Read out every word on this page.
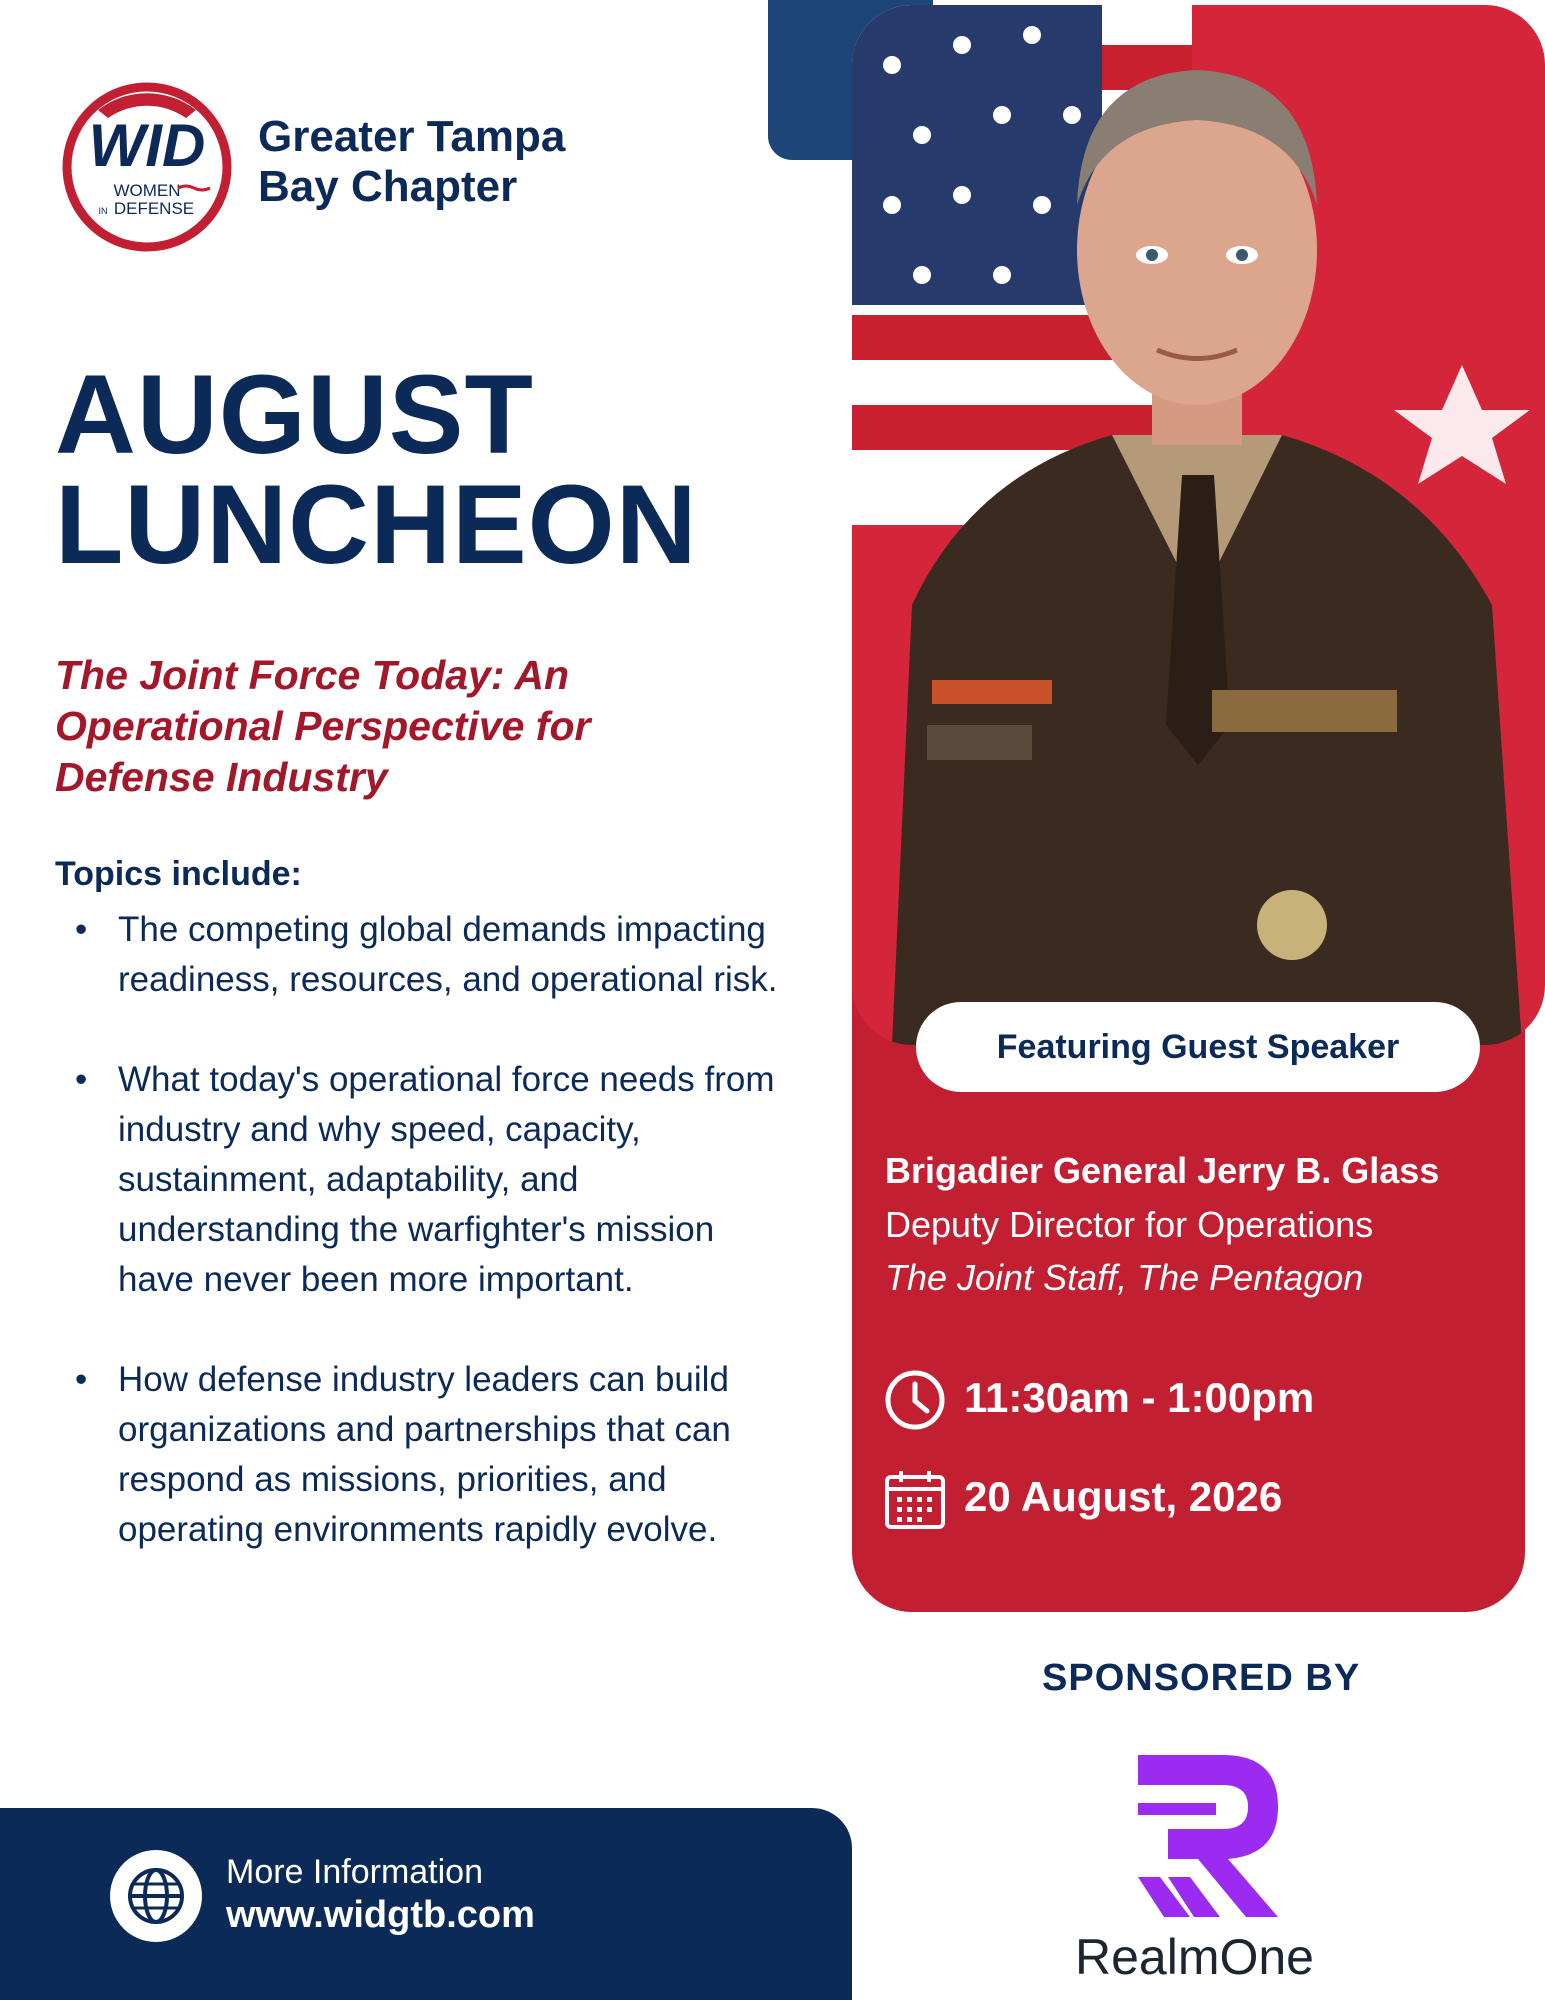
WID
WOMEN
IN DEFENSE
Greater Tampa
Bay Chapter
AUGUST
LUNCHEON
The Joint Force Today: An Operational Perspective for Defense Industry
Topics include:
• The competing global demands impacting readiness, resources, and operational risk.
• What today's operational force needs from industry and why speed, capacity, sustainment, adaptability, and understanding the warfighter's mission have never been more important.
• How defense industry leaders can build organizations and partnerships that can respond as missions, priorities, and operating environments rapidly evolve.
More Information
www.widgtb.com
Featuring Guest Speaker
Brigadier General Jerry B. Glass
Deputy Director for Operations
The Joint Staff, The Pentagon
11:30am - 1:00pm
20 August, 2026
SPONSORED BY
RealmOne
